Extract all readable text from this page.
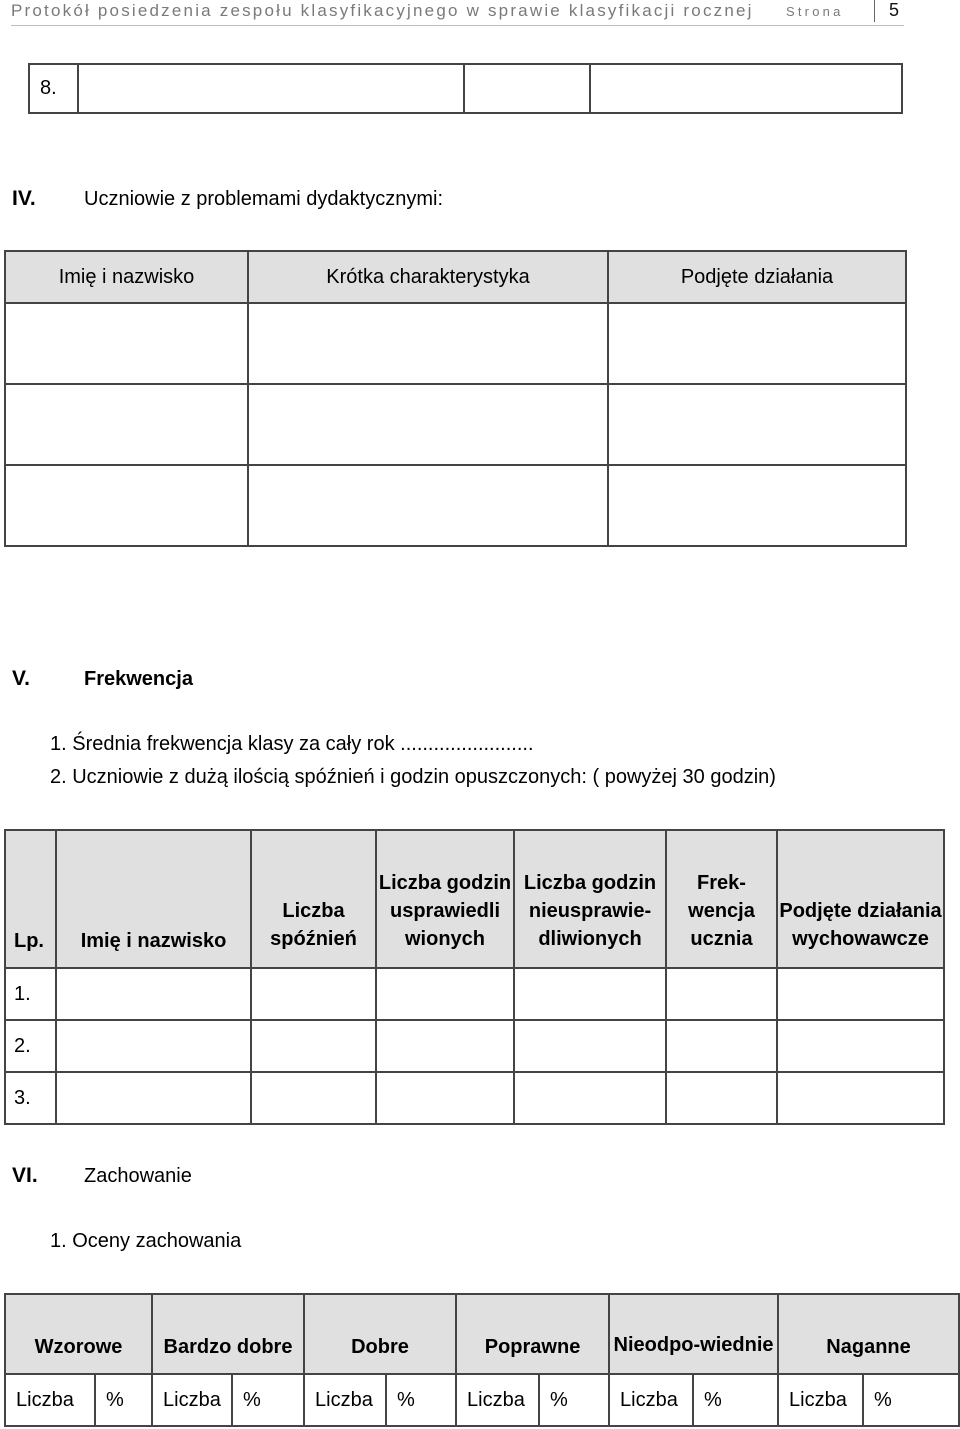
Protokół posiedzenia zespołu klasyfikacyjnego w sprawie klasyfikacji rocznej Strona	5
8.			
IV. Uczniowie z problemami dydaktycznymi:
Imię i nazwisko	Krótka charakterystyka	Podjęte działania

V.	Frekwencja
1. Średnia frekwencja klasy za cały rok ........................
2. Uczniowie z dużą ilością spóźnień i godzin opuszczonych: ( powyżej 30 godzin)
Lp.	Imię i nazwisko	Liczba spóźnień	Liczba godzin usprawiedli wionych	Liczba godzin nieusprawie-dliwionych	Frek-wencja ucznia	Podjęte działania wychowawcze
1.						
2.						
3.						
VI. Zachowanie
1. Oceny zachowania
Wzorowe		Bardzo dobre		Dobre		Poprawne		Nieodpo-wiednie		Naganne	
Liczba	%	Liczba	%	Liczba	%	Liczba	%	Liczba	%	Liczba	%
